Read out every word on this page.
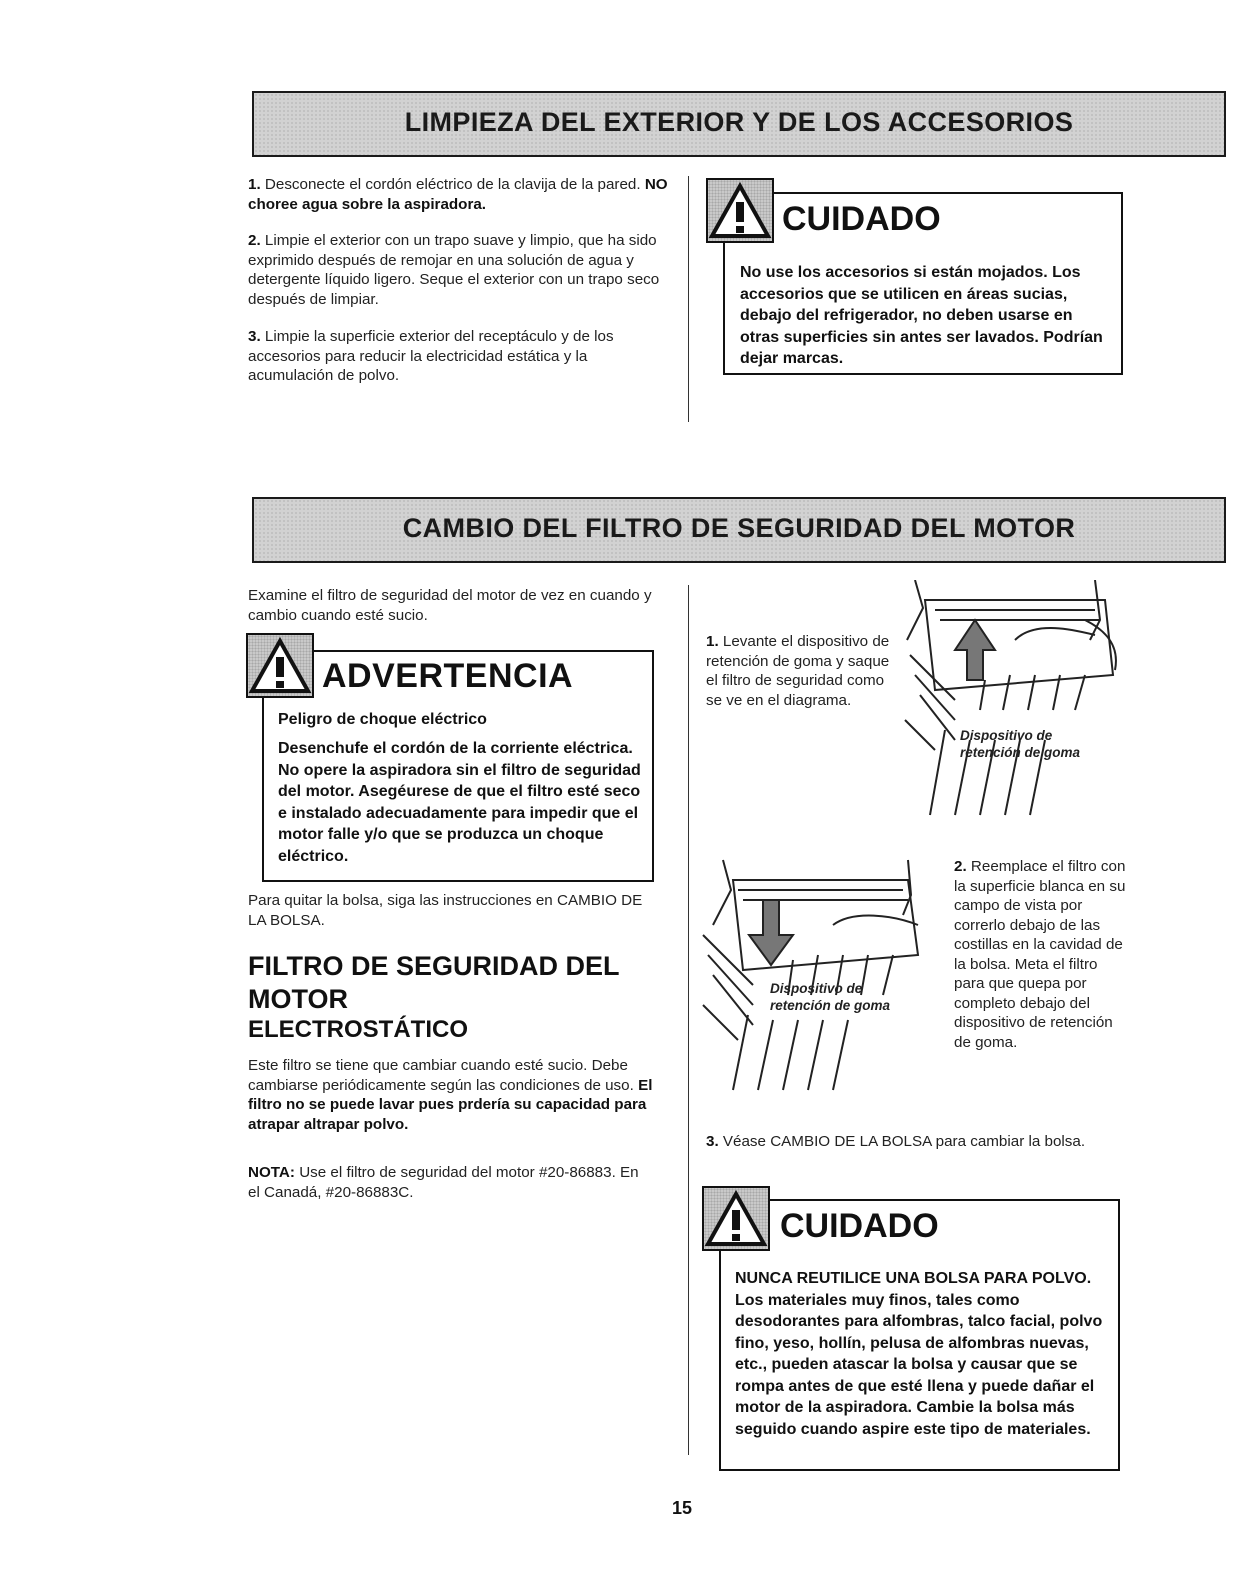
LIMPIEZA DEL EXTERIOR Y DE LOS ACCESORIOS
1. Desconecte el cordón eléctrico de la clavija de la pared. NO choree agua sobre la aspiradora.
2. Limpie el exterior con un trapo suave y limpio, que ha sido exprimido después de remojar en una solución de agua y detergente líquido ligero. Seque el exterior con un trapo seco después de limpiar.
3. Limpie la superficie exterior del receptáculo y de los accesorios para reducir la electricidad estática y la acumulación de polvo.
CUIDADO
No use los accesorios si están mojados. Los accesorios que se utilicen en áreas sucias, debajo del refrigerador, no deben usarse en otras superficies sin antes ser lavados. Podrían dejar marcas.
CAMBIO DEL FILTRO DE SEGURIDAD DEL MOTOR
Examine el filtro de seguridad del motor de vez en cuando y cambio cuando esté sucio.
ADVERTENCIA
Peligro de choque eléctrico
Desenchufe el cordón de la corriente eléctrica. No opere la aspiradora sin el filtro de seguridad del motor. Asegéurese de que el filtro esté seco e instalado adecuadamente para impedir que el motor falle y/o que se produzca un choque eléctrico.
Para quitar la bolsa, siga las instrucciones en CAMBIO DE LA BOLSA.
FILTRO DE SEGURIDAD DEL MOTOR
ELECTROSTÁTICO
Este filtro se tiene que cambiar cuando esté sucio. Debe cambiarse periódicamente según las condiciones de uso. El filtro no se puede lavar pues prdería su capacidad para atrapar altrapar polvo.
NOTA: Use el filtro de seguridad del motor #20-86883. En el Canadá, #20-86883C.
1. Levante el dispositivo de retención de goma y saque el filtro de seguridad como se ve en el diagrama.
Dispositivo de
retención de goma
Dispositivo de
retención de goma
2. Reemplace el filtro con la superficie blanca en su campo de vista por correrlo debajo de las costillas en la cavidad de la bolsa. Meta el filtro para que quepa por completo debajo del dispositivo de retención de goma.
3. Véase CAMBIO DE LA BOLSA para cambiar la bolsa.
CUIDADO
NUNCA REUTILICE UNA BOLSA PARA POLVO. Los materiales muy finos, tales como desodorantes para alfombras, talco facial, polvo fino, yeso, hollín, pelusa de alfombras nuevas, etc., pueden atascar la bolsa y causar que se rompa antes de que esté llena y puede dañar el motor de la aspiradora. Cambie la bolsa más seguido cuando aspire este tipo de materiales.
15
